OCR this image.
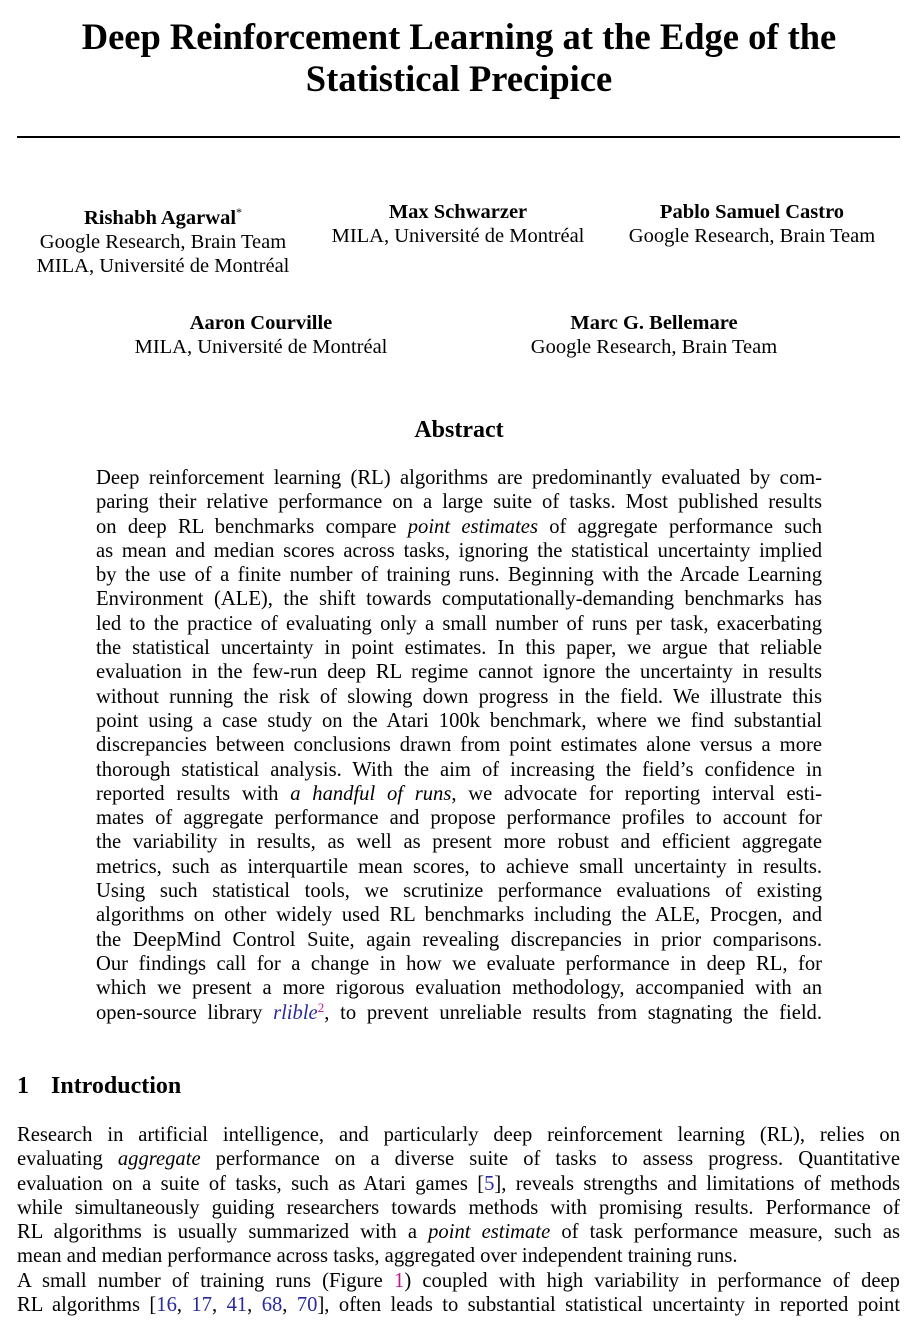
Deep Reinforcement Learning at the Edge of the
Statistical Precipice
Rishabh Agarwal*
Google Research, Brain Team
MILA, Université de Montréal
Max Schwarzer
MILA, Université de Montréal
Pablo Samuel Castro
Google Research, Brain Team
Aaron Courville
MILA, Université de Montréal
Marc G. Bellemare
Google Research, Brain Team
Abstract
Deep reinforcement learning (RL) algorithms are predominantly evaluated by com-
paring their relative performance on a large suite of tasks. Most published results
on deep RL benchmarks compare point estimates of aggregate performance such
as mean and median scores across tasks, ignoring the statistical uncertainty implied
by the use of a finite number of training runs. Beginning with the Arcade Learning
Environment (ALE), the shift towards computationally-demanding benchmarks has
led to the practice of evaluating only a small number of runs per task, exacerbating
the statistical uncertainty in point estimates. In this paper, we argue that reliable
evaluation in the few-run deep RL regime cannot ignore the uncertainty in results
without running the risk of slowing down progress in the field. We illustrate this
point using a case study on the Atari 100k benchmark, where we find substantial
discrepancies between conclusions drawn from point estimates alone versus a more
thorough statistical analysis. With the aim of increasing the field’s confidence in
reported results with a handful of runs, we advocate for reporting interval esti-
mates of aggregate performance and propose performance profiles to account for
the variability in results, as well as present more robust and efficient aggregate
metrics, such as interquartile mean scores, to achieve small uncertainty in results.
Using such statistical tools, we scrutinize performance evaluations of existing
algorithms on other widely used RL benchmarks including the ALE, Procgen, and
the DeepMind Control Suite, again revealing discrepancies in prior comparisons.
Our findings call for a change in how we evaluate performance in deep RL, for
which we present a more rigorous evaluation methodology, accompanied with an
open-source library rlible$^2$, to prevent unreliable results from stagnating the field.
1 Introduction
Research in artificial intelligence, and particularly deep reinforcement learning (RL), relies on
evaluating aggregate performance on a diverse suite of tasks to assess progress. Quantitative
evaluation on a suite of tasks, such as Atari games [5], reveals strengths and limitations of methods
while simultaneously guiding researchers towards methods with promising results. Performance of
RL algorithms is usually summarized with a point estimate of task performance measure, such as
mean and median performance across tasks, aggregated over independent training runs.
A small number of training runs (Figure 1) coupled with high variability in performance of deep
RL algorithms [16, 17, 41, 68, 70], often leads to substantial statistical uncertainty in reported point
